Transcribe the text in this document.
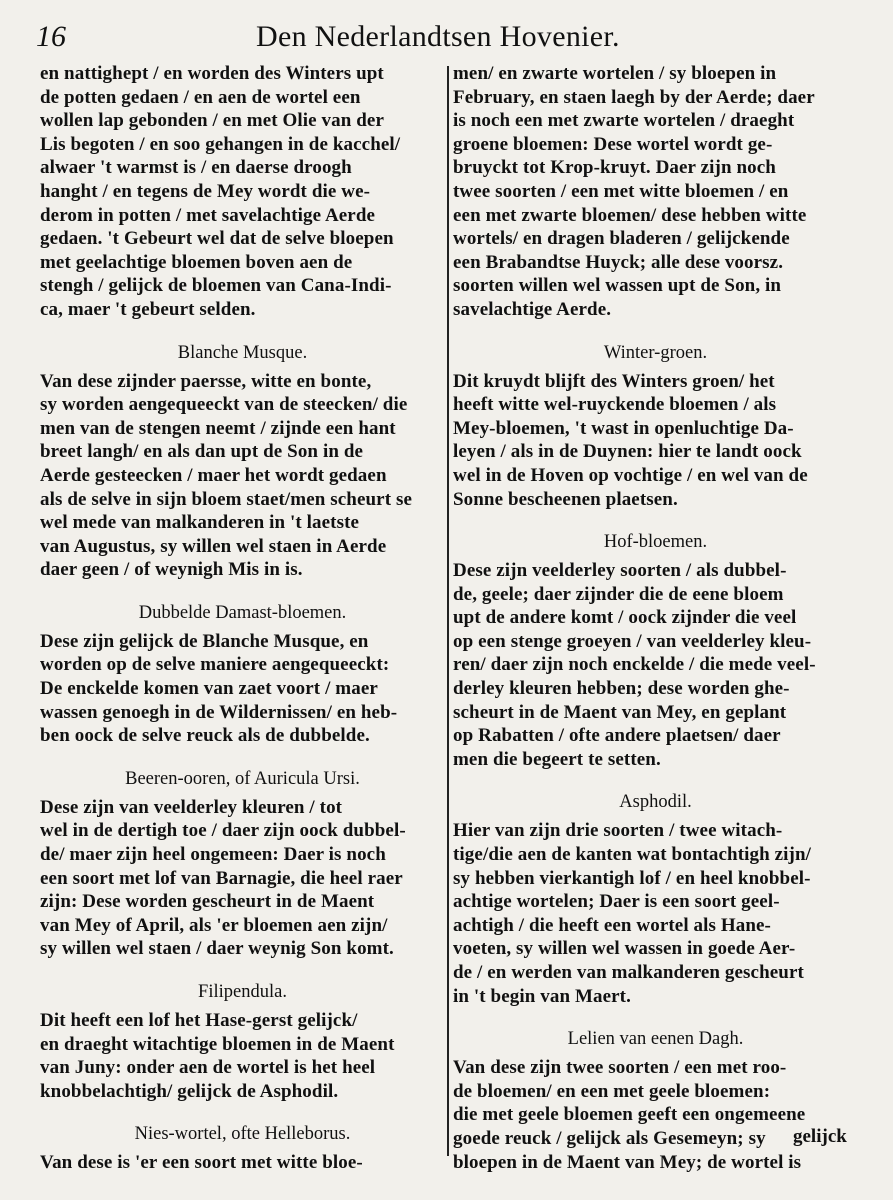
16	Den Nederlandtsen Hovenier.
en nattighept / en worden des Winters upt
de potten gedaen / en aen de wortel een
wollen lap gebonden / en met Olie van der
Lis begoten / en soo gehangen in de kacchel/
alwaer 't warmst is / en daerse droogh
hanght / en tegens de Mey wordt die we-
derom in potten / met savelachtige Aerde
gedaen. 't Gebeurt wel dat de selve bloepen
met geelachtige bloemen boven aen de
stengh / gelijck de bloemen van Cana-Indi-
ca, maer 't gebeurt selden.
Blanche Musque.
Van dese zijnder paersse, witte en bonte,
sy worden aengequeeckt van de steecken/ die
men van de stengen neemt / zijnde een hant
breet langh/ en als dan upt de Son in de
Aerde gesteecken / maer het wordt gedaen
als de selve in sijn bloem staet/men scheurt se
wel mede van malkanderen in 't laetste
van Augustus, sy willen wel staen in Aerde
daer geen / of weynigh Mis in is.
Dubbelde Damast-bloemen.
Dese zijn gelijck de Blanche Musque, en
worden op de selve maniere aengequeeckt:
De enckelde komen van zaet voort / maer
wassen genoegh in de Wildernissen/ en heb-
ben oock de selve reuck als de dubbelde.
Beeren-ooren, of Auricula Ursi.
Dese zijn van veelderley kleuren / tot
wel in de dertigh toe / daer zijn oock dubbel-
de/ maer zijn heel ongemeen: Daer is noch
een soort met lof van Barnagie, die heel raer
zijn: Dese worden gescheurt in de Maent
van Mey of April, als 'er bloemen aen zijn/
sy willen wel staen / daer weynig Son komt.
Filipendula.
Dit heeft een lof het Hase-gerst gelijck/
en draeght witachtige bloemen in de Maent
van Juny: onder aen de wortel is het heel
knobbelachtigh/ gelijck de Asphodil.
Nies-wortel, ofte Helleborus.
Van dese is 'er een soort met witte bloe-
men/ en zwarte wortelen / sy bloepen in
February, en staen laegh by der Aerde; daer
is noch een met zwarte wortelen / draeght
groene bloemen: Dese wortel wordt ge-
bruyckt tot Krop-kruyt. Daer zijn noch
twee soorten / een met witte bloemen / en
een met zwarte bloemen/ dese hebben witte
wortels/ en dragen bladeren / gelijckende
een Brabandtse Huyck; alle dese voorsz.
soorten willen wel wassen upt de Son, in
savelachtige Aerde.
Winter-groen.
Dit kruydt blijft des Winters groen/ het
heeft witte wel-ruyckende bloemen / als
Mey-bloemen, 't wast in openluchtige Da-
leyen / als in de Duynen: hier te landt oock
wel in de Hoven op vochtige / en wel van de
Sonne bescheenen plaetsen.
Hof-bloemen.
Dese zijn veelderley soorten / als dubbel-
de, geele; daer zijnder die de eene bloem
upt de andere komt / oock zijnder die veel
op een stenge groeyen / van veelderley kleu-
ren/ daer zijn noch enckelde / die mede veel-
derley kleuren hebben; dese worden ghe-
scheurt in de Maent van Mey, en geplant
op Rabatten / ofte andere plaetsen/ daer
men die begeert te setten.
Asphodil.
Hier van zijn drie soorten / twee witach-
tige/die aen de kanten wat bontachtigh zijn/
sy hebben vierkantigh lof / en heel knobbel-
achtige wortelen; Daer is een soort geel-
achtigh / die heeft een wortel als Hane-
voeten, sy willen wel wassen in goede Aer-
de / en werden van malkanderen gescheurt
in 't begin van Maert.
Lelien van eenen Dagh.
Van dese zijn twee soorten / een met roo-
de bloemen/ en een met geele bloemen:
die met geele bloemen geeft een ongemeene
goede reuck / gelijck als Gesemeyn; sy
bloepen in de Maent van Mey; de wortel is
gelijck
